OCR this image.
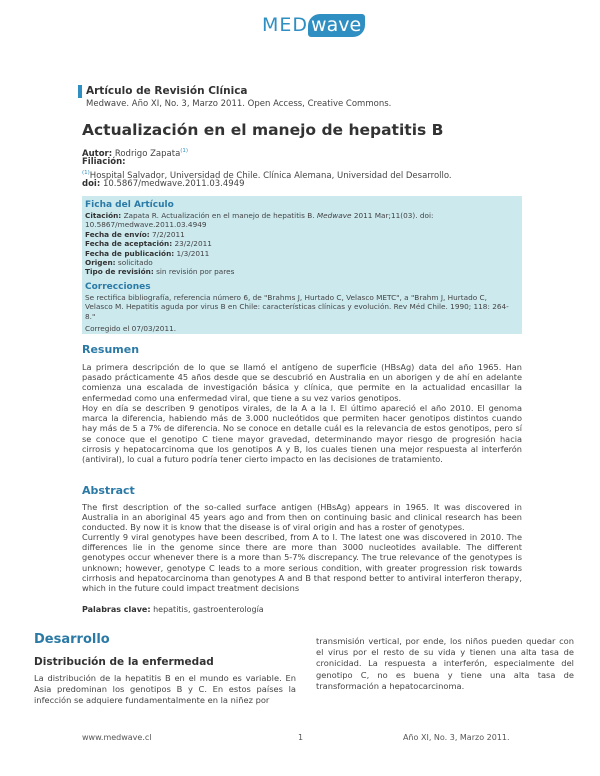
MED wave
Artículo de Revisión Clínica
Medwave. Año XI, No. 3, Marzo 2011. Open Access, Creative Commons.
Actualización en el manejo de hepatitis B
Autor: Rodrigo Zapata$^{(1)}$
Filiación:
$^{(1)}$Hospital Salvador, Universidad de Chile. Clínica Alemana, Universidad del Desarrollo.
doi: 10.5867/medwave.2011.03.4949
Ficha del Artículo
Citación: Zapata R. Actualización en el manejo de hepatitis B. Medwave 2011 Mar;11(03). doi:
10.5867/medwave.2011.03.4949
Fecha de envío: 7/2/2011
Fecha de aceptación: 23/2/2011
Fecha de publicación: 1/3/2011
Origen: solicitado
Tipo de revisión: sin revisión por pares
Correcciones
Se rectifica bibliografía, referencia número 6, de "Brahms J, Hurtado C, Velasco METC", a "Brahm J, Hurtado C,
Velasco M. Hepatitis aguda por virus B en Chile: características clínicas y evolución. Rev Méd Chile. 1990; 118: 264-
8."
Corregido el 07/03/2011.
Resumen
La primera descripción de lo que se llamó el antígeno de superficie (HBsAg) data del año 1965. Han pasado prácticamente 45 años desde que se descubrió en Australia en un aborigen y de ahí en adelante comienza una escalada de investigación básica y clínica, que permite en la actualidad encasillar la enfermedad como una enfermedad viral, que tiene a su vez varios genotipos.
Hoy en día se describen 9 genotipos virales, de la A a la I. El último apareció el año 2010. El genoma marca la diferencia, habiendo más de 3.000 nucleótidos que permiten hacer genotipos distintos cuando hay más de 5 a 7% de diferencia. No se conoce en detalle cuál es la relevancia de estos genotipos, pero sí se conoce que el genotipo C tiene mayor gravedad, determinando mayor riesgo de progresión hacia cirrosis y hepatocarcinoma que los genotipos A y B, los cuales tienen una mejor respuesta al interferón (antiviral), lo cual a futuro podría tener cierto impacto en las decisiones de tratamiento.
Abstract
The first description of the so-called surface antigen (HBsAg) appears in 1965. It was discovered in Australia in an aboriginal 45 years ago and from then on continuing basic and clinical research has been conducted. By now it is know that the disease is of viral origin and has a roster of genotypes.
Currently 9 viral genotypes have been described, from A to I. The latest one was discovered in 2010. The differences lie in the genome since there are more than 3000 nucleotides available. The different genotypes occur whenever there is a more than 5-7% discrepancy. The true relevance of the genotypes is unknown; however, genotype C leads to a more serious condition, with greater progression risk towards cirrhosis and hepatocarcinoma than genotypes A and B that respond better to antiviral interferon therapy, which in the future could impact treatment decisions
Palabras clave: hepatitis, gastroenterología
Desarrollo
Distribución de la enfermedad
La distribución de la hepatitis B en el mundo es variable. En Asia predominan los genotipos B y C. En estos países la infección se adquiere fundamentalmente en la niñez por
transmisión vertical, por ende, los niños pueden quedar con el virus por el resto de su vida y tienen una alta tasa de cronicidad. La respuesta a interferón, especialmente del genotipo C, no es buena y tiene una alta tasa de transformación a hepatocarcinoma.
www.medwave.cl	1	Año XI, No. 3, Marzo 2011.
